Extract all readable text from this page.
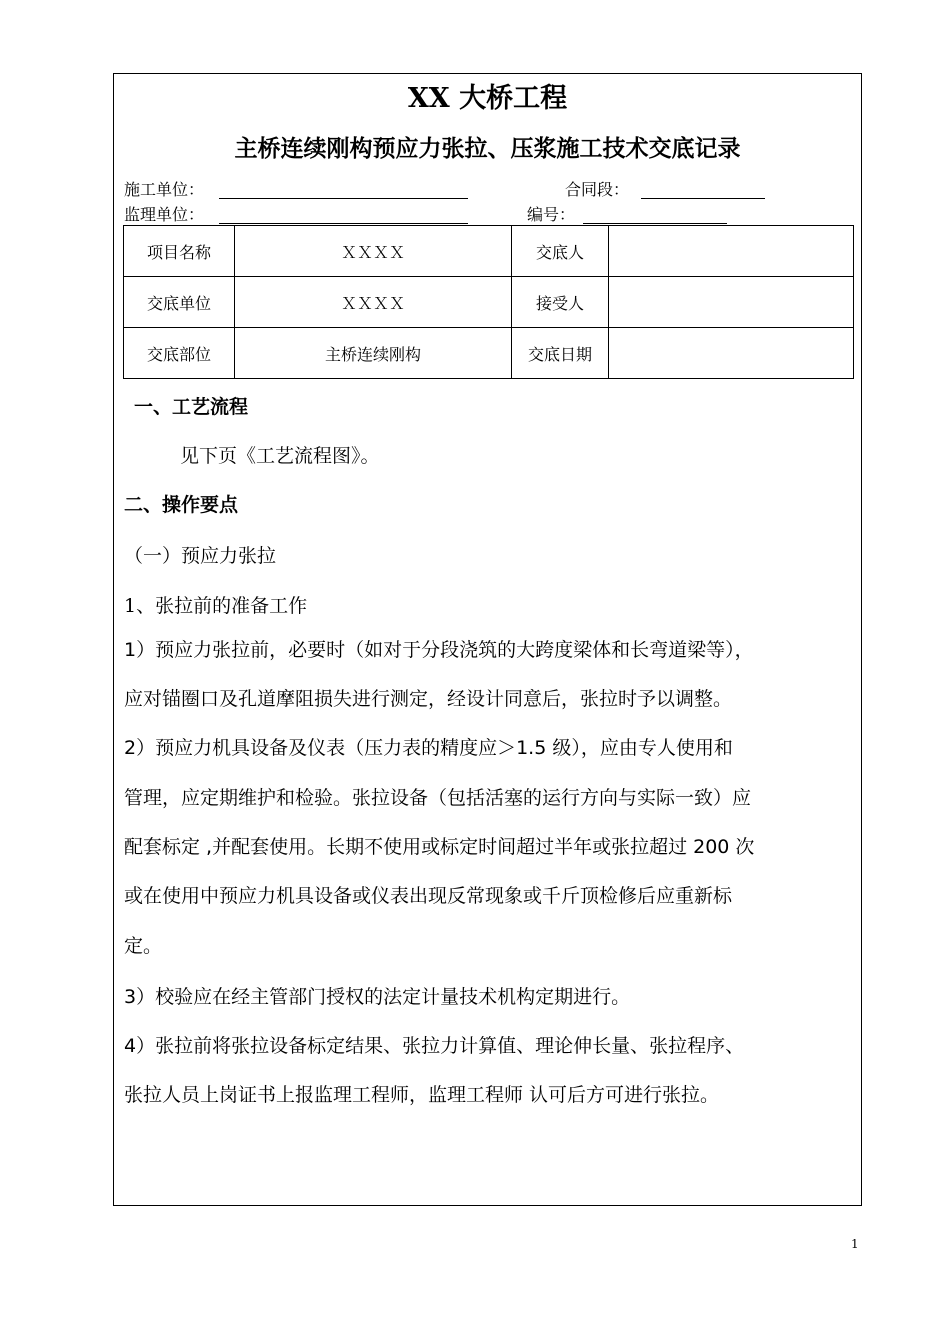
XX 大桥工程
主桥连续刚构预应力张拉、压浆施工技术交底记录
施工单位：	合同段：
监理单位：	编号：
项目名称	ＸＸＸＸ	交底人	
交底单位	ＸＸＸＸ	接受人	
交底部位	主桥连续刚构	交底日期	
一、工艺流程
见下页《工艺流程图》。
二、操作要点
（一）预应力张拉
1、张拉前的准备工作
1）预应力张拉前，必要时（如对于分段浇筑的大跨度梁体和长弯道梁等），
应对锚圈口及孔道摩阻损失进行测定，经设计同意后，张拉时予以调整。
2）预应力机具设备及仪表（压力表的精度应＞1.5 级），应由专人使用和
管理，应定期维护和检验。张拉设备（包括活塞的运行方向与实际一致）应
配套标定 ,并配套使用。长期不使用或标定时间超过半年或张拉超过 200 次
或在使用中预应力机具设备或仪表出现反常现象或千斤顶检修后应重新标
定。
3）校验应在经主管部门授权的法定计量技术机构定期进行。
4）张拉前将张拉设备标定结果、张拉力计算值、理论伸长量、张拉程序、
张拉人员上岗证书上报监理工程师，监理工程师 认可后方可进行张拉。
1
